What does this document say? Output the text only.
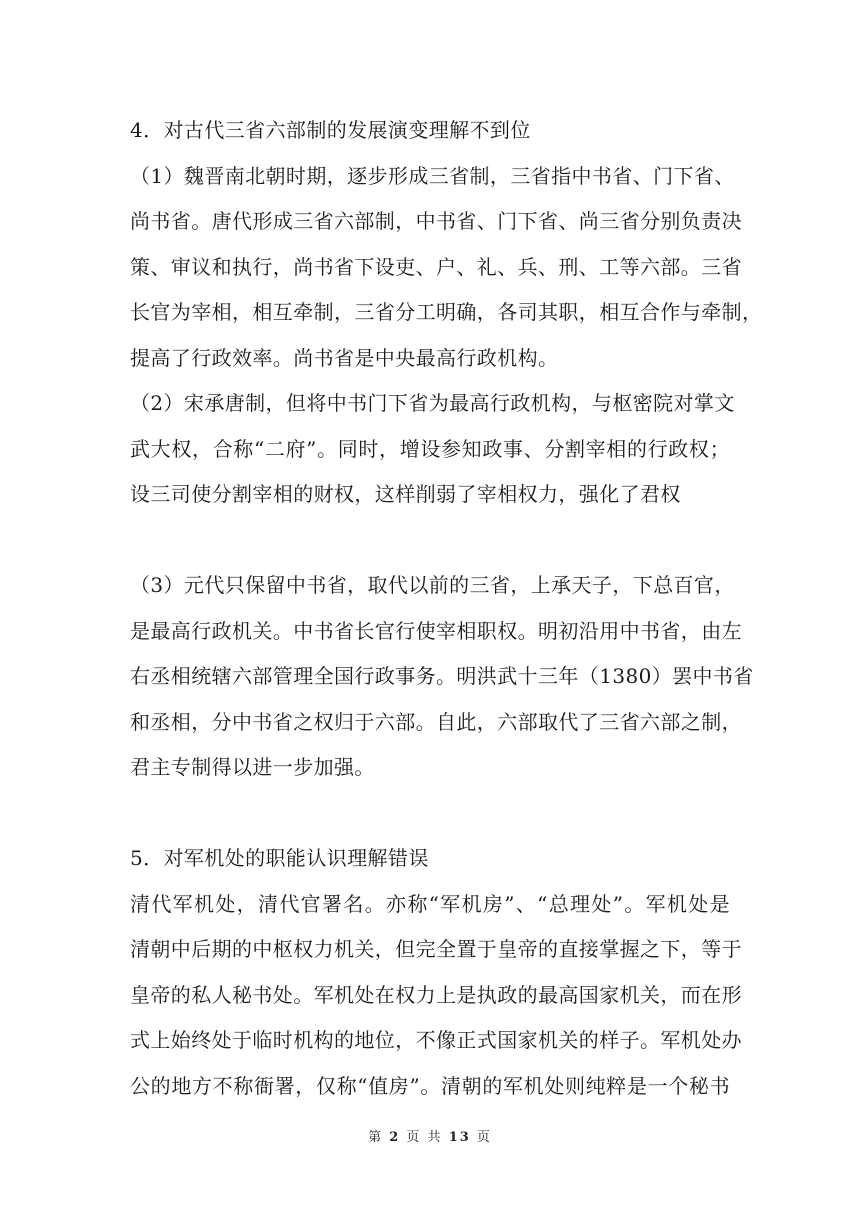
4．对古代三省六部制的发展演变理解不到位
（1）魏晋南北朝时期，逐步形成三省制，三省指中书省、门下省、
尚书省。唐代形成三省六部制，中书省、门下省、尚三省分别负责决
策、审议和执行，尚书省下设吏、户、礼、兵、刑、工等六部。三省
长官为宰相，相互牵制，三省分工明确，各司其职，相互合作与牵制，
提高了行政效率。尚书省是中央最高行政机构。
（2）宋承唐制，但将中书门下省为最高行政机构，与枢密院对掌文
武大权，合称“二府”。同时，增设参知政事、分割宰相的行政权；
设三司使分割宰相的财权，这样削弱了宰相权力，强化了君权
（3）元代只保留中书省，取代以前的三省，上承天子，下总百官，
是最高行政机关。中书省长官行使宰相职权。明初沿用中书省，由左
右丞相统辖六部管理全国行政事务。明洪武十三年（1380）罢中书省
和丞相，分中书省之权归于六部。自此，六部取代了三省六部之制，
君主专制得以进一步加强。
5．对军机处的职能认识理解错误
清代军机处，清代官署名。亦称“军机房”、“总理处”。军机处是
清朝中后期的中枢权力机关，但完全置于皇帝的直接掌握之下，等于
皇帝的私人秘书处。军机处在权力上是执政的最高国家机关，而在形
式上始终处于临时机构的地位，不像正式国家机关的样子。军机处办
公的地方不称衙署，仅称“值房”。清朝的军机处则纯粹是一个秘书
第 2 页 共 13 页
